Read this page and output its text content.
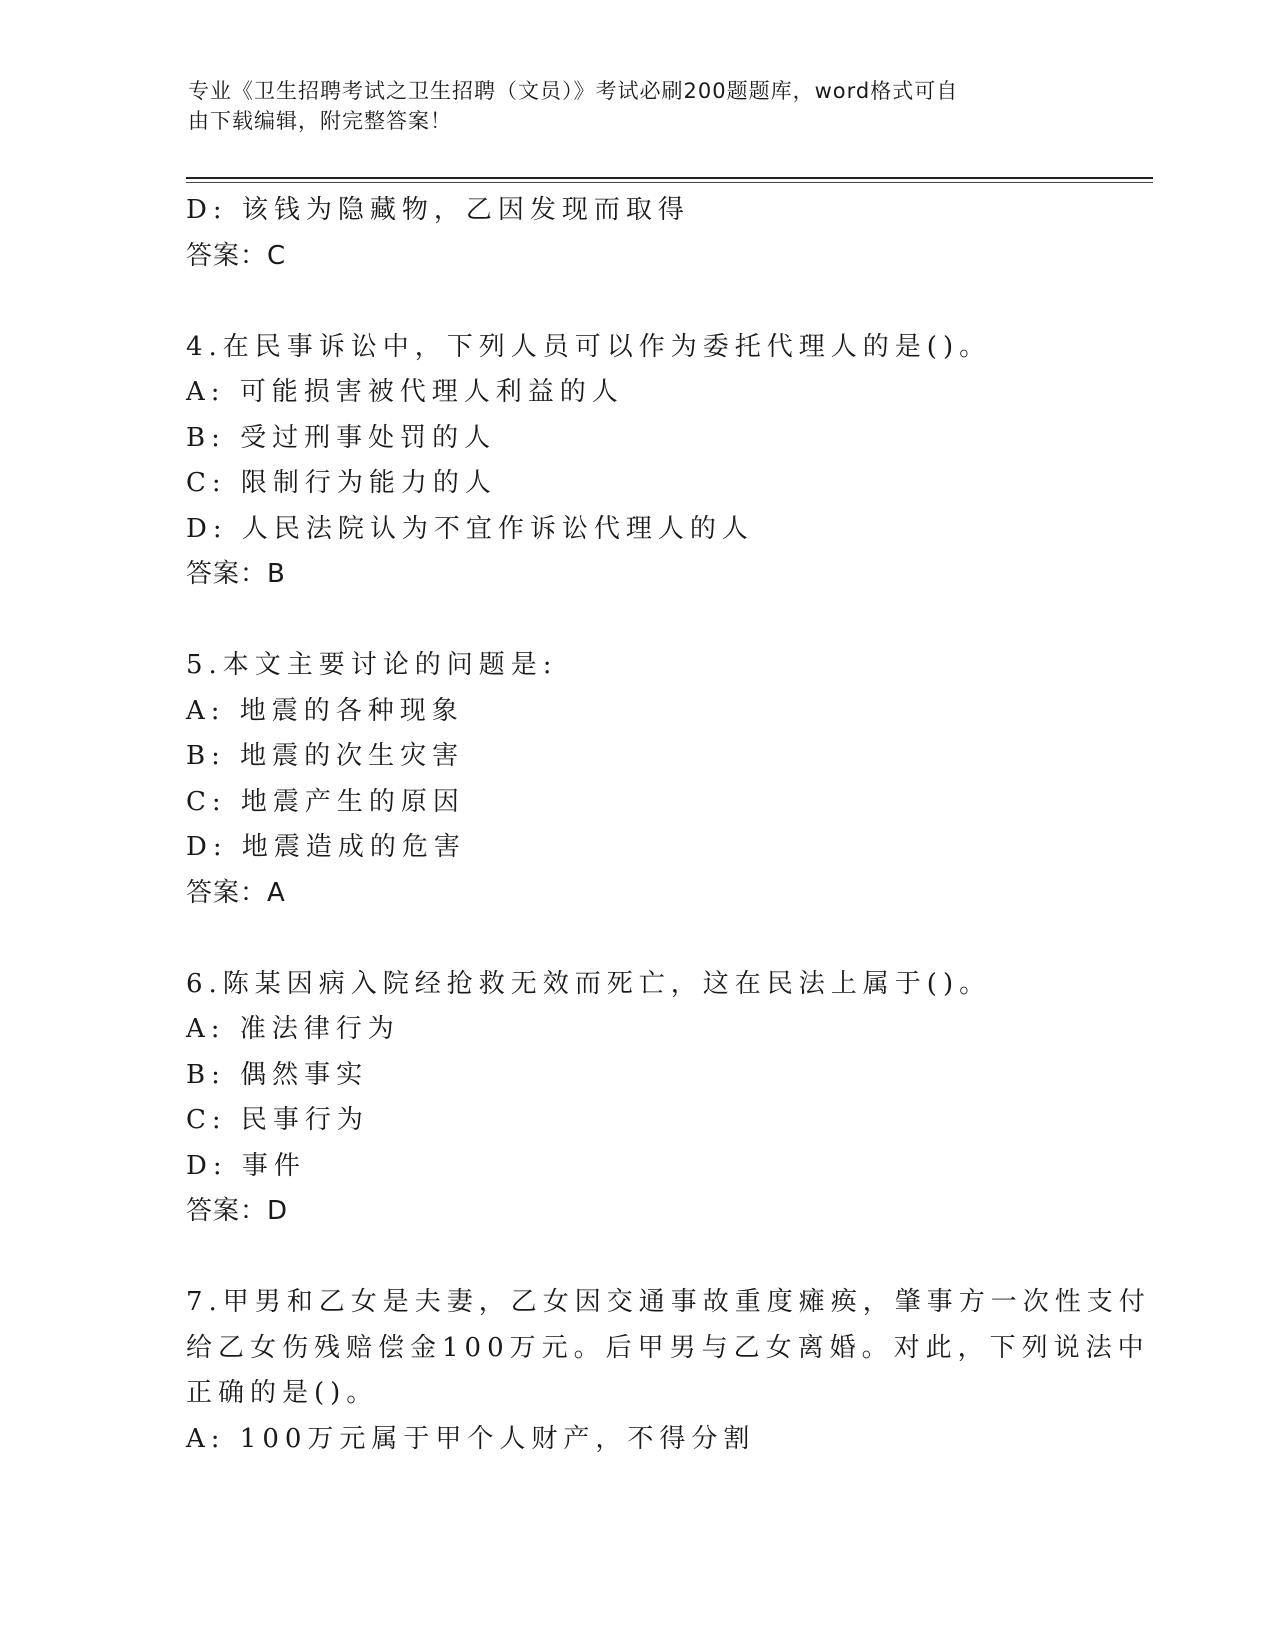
专业《卫生招聘考试之卫生招聘（文员）》考试必刷200题题库，word格式可自
由下载编辑，附完整答案！
D: 该钱为隐藏物，乙因发现而取得
答案：C
4.在民事诉讼中，下列人员可以作为委托代理人的是()。
A: 可能损害被代理人利益的人
B: 受过刑事处罚的人
C: 限制行为能力的人
D: 人民法院认为不宜作诉讼代理人的人
答案：B
5.本文主要讨论的问题是:
A: 地震的各种现象
B: 地震的次生灾害
C: 地震产生的原因
D: 地震造成的危害
答案：A
6.陈某因病入院经抢救无效而死亡，这在民法上属于()。
A: 准法律行为
B: 偶然事实
C: 民事行为
D: 事件
答案：D
7.甲男和乙女是夫妻，乙女因交通事故重度瘫痪，肇事方一次性支付
给乙女伤残赔偿金100万元。后甲男与乙女离婚。对此，下列说法中
正确的是()。
A: 100万元属于甲个人财产，不得分割
